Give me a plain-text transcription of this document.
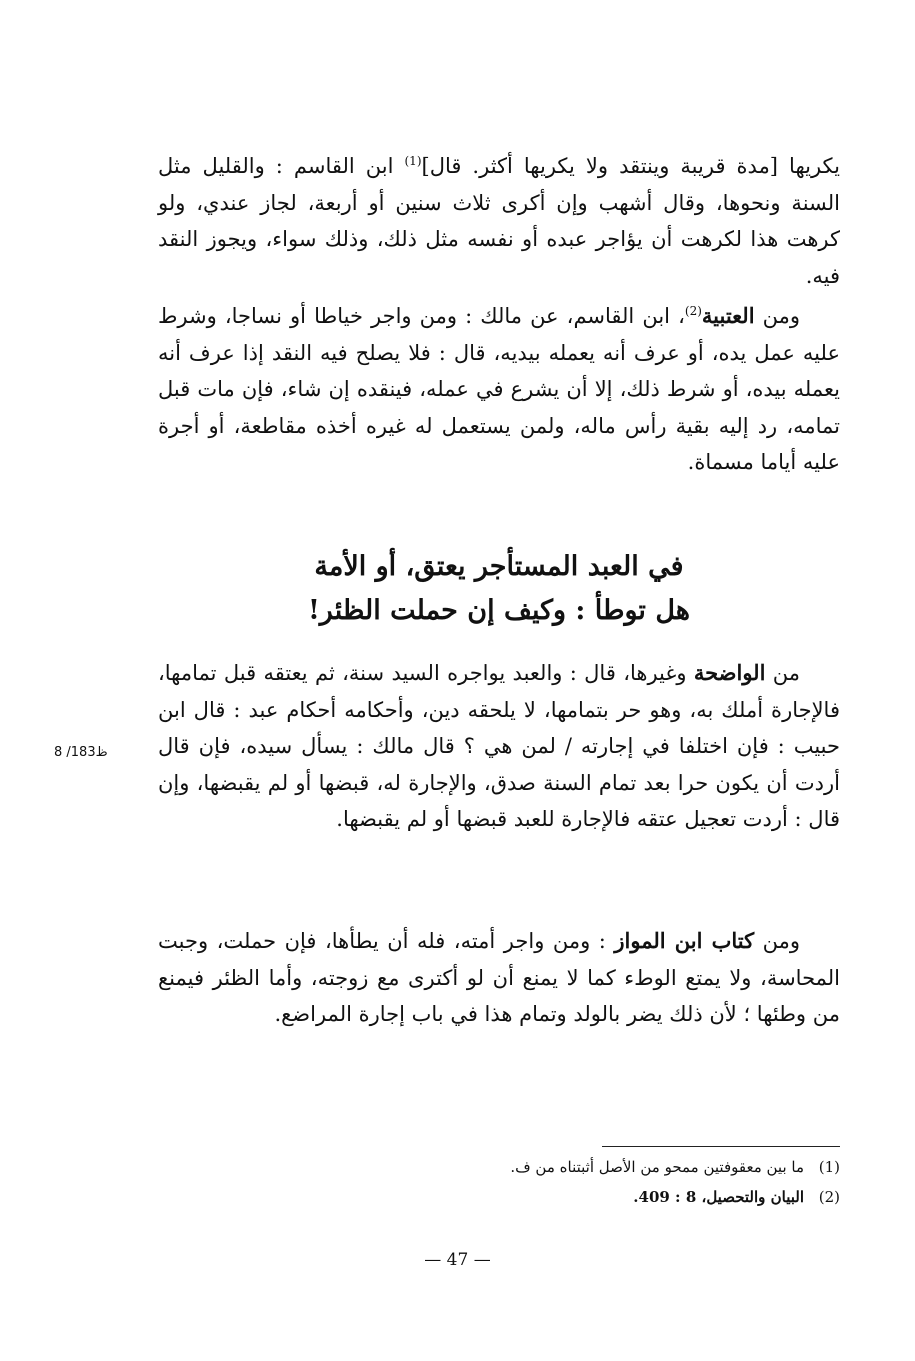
يكريها [مدة قريبة وينتقد ولا يكريها أكثر. قال]$^{(1)}$ ابن القاسم : والقليل مثل السنة ونحوها، وقال أشهب وإن أكرى ثلاث سنين أو أربعة، لجاز عندي، ولو كرهت هذا لكرهت أن يؤاجر عبده أو نفسه مثل ذلك، وذلك سواء، ويجوز النقد فيه.
ومن العتبية$^{(2)}$، ابن القاسم، عن مالك : ومن واجر خياطا أو نساجا، وشرط عليه عمل يده، أو عرف أنه يعمله بيديه، قال : فلا يصلح فيه النقد إذا عرف أنه يعمله بيده، أو شرط ذلك، إلا أن يشرع في عمله، فينقده إن شاء، فإن مات قبل تمامه، رد إليه بقية رأس ماله، ولمن يستعمل له غيره أخذه مقاطعة، أو أجرة عليه أياما مسماة.
في العبد المستأجر يعتق، أو الأمة
هل توطأ : وكيف إن حملت الظئر!
من الواضحة وغيرها، قال : والعبد يواجره السيد سنة، ثم يعتقه قبل تمامها، فالإجارة أملك به، وهو حر بتمامها، لا يلحقه دين، وأحكامه أحكام عبد : قال ابن حبيب : فإن اختلفا في إجارته / لمن هي ؟ قال مالك : يسأل سيده، فإن قال أردت أن يكون حرا بعد تمام السنة صدق، والإجارة له، قبضها أو لم يقبضها، وإن قال : أردت تعجيل عتقه فالإجارة للعبد قبضها أو لم يقبضها.
8 /183ظ
ومن كتاب ابن المواز : ومن واجر أمته، فله أن يطأها، فإن حملت، وجبت المحاسة، ولا يمتع الوطء كما لا يمنع أن لو أكترى مع زوجته، وأما الظئر فيمنع من وطئها ؛ لأن ذلك يضر بالولد وتمام هذا في باب إجارة المراضع.
(1)ما بين معقوفتين ممحو من الأصل أثبتناه من ف.
(2)البيان والتحصيل، 8 : 409.
— 47 —
